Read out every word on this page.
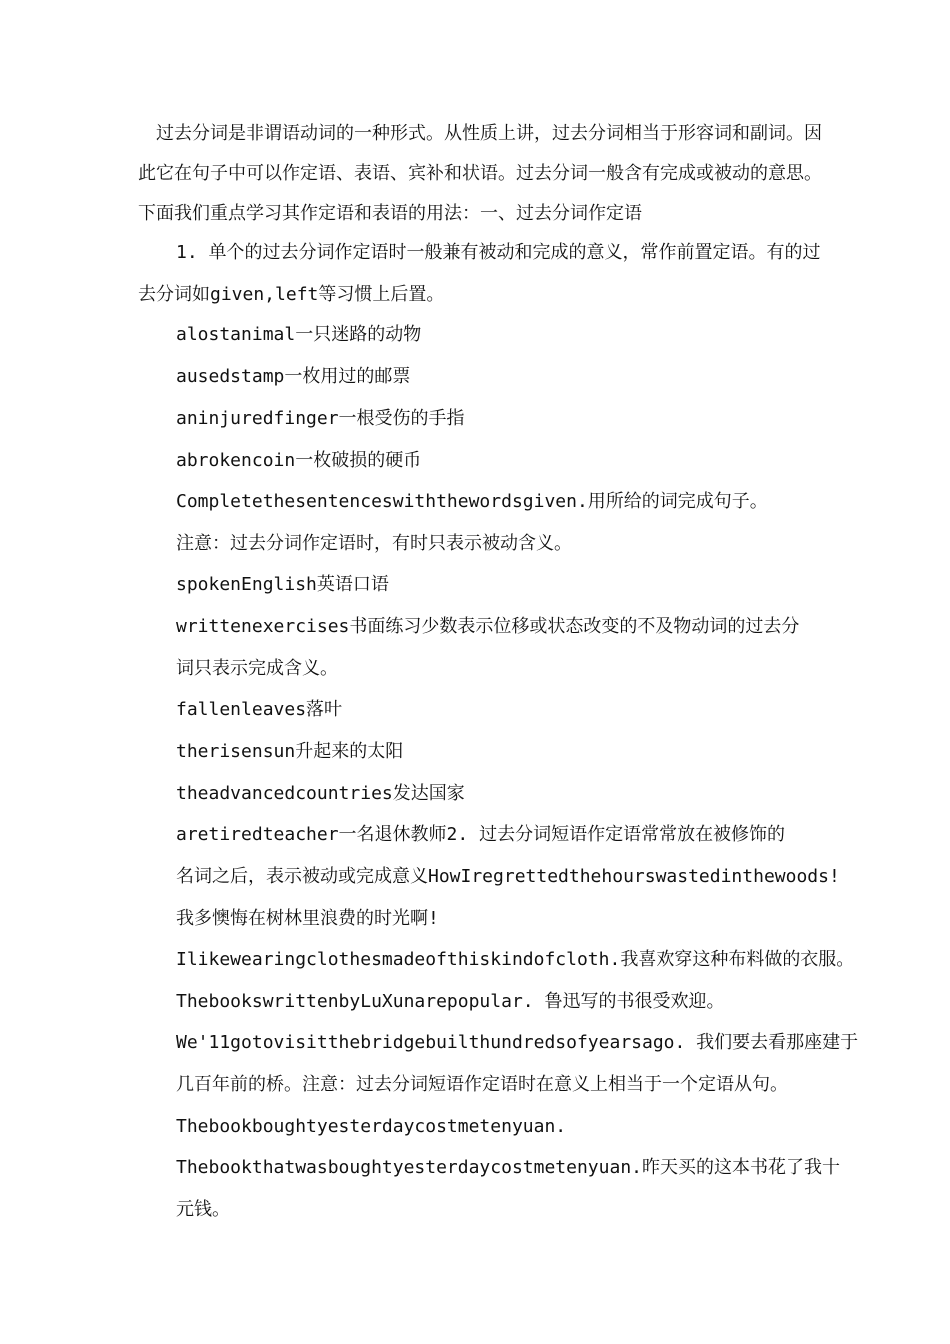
过去分词是非谓语动词的一种形式。从性质上讲，过去分词相当于形容词和副词。因此它在句子中可以作定语、表语、宾补和状语。过去分词一般含有完成或被动的意思。下面我们重点学习其作定语和表语的用法：一、过去分词作定语

1. 单个的过去分词作定语时一般兼有被动和完成的意义，常作前置定语。有的过去分词如given,left等习惯上后置。

alostanimal一只迷路的动物

ausedstamp一枚用过的邮票

aninjuredfinger一根受伤的手指

abrokencoin一枚破损的硬币

Completethesentenceswiththewordsgiven.用所给的词完成句子。

注意：过去分词作定语时，有时只表示被动含义。

spokenEnglish英语口语

writtenexercises书面练习少数表示位移或状态改变的不及物动词的过去分

词只表示完成含义。

fallenleaves落叶

therisensun升起来的太阳

theadvancedcountries发达国家

aretiredteacher一名退休教师2. 过去分词短语作定语常常放在被修饰的

名词之后，表示被动或完成意义HowIregrettedthehourswastedinthewoods!

我多懊悔在树林里浪费的时光啊!

Ilikewearingclothesmadeofthiskindofcloth.我喜欢穿这种布料做的衣服。

ThebookswrittenbyLuXunarepopular. 鲁迅写的书很受欢迎。

We'11gotovisitthebridgebuilthundredsofyearsago. 我们要去看那座建于

几百年前的桥。注意：过去分词短语作定语时在意义上相当于一个定语从句。

Thebookboughtyesterdaycostmetenyuan.

Thebookthatwasboughtyesterdaycostmetenyuan.昨天买的这本书花了我十

元钱。
